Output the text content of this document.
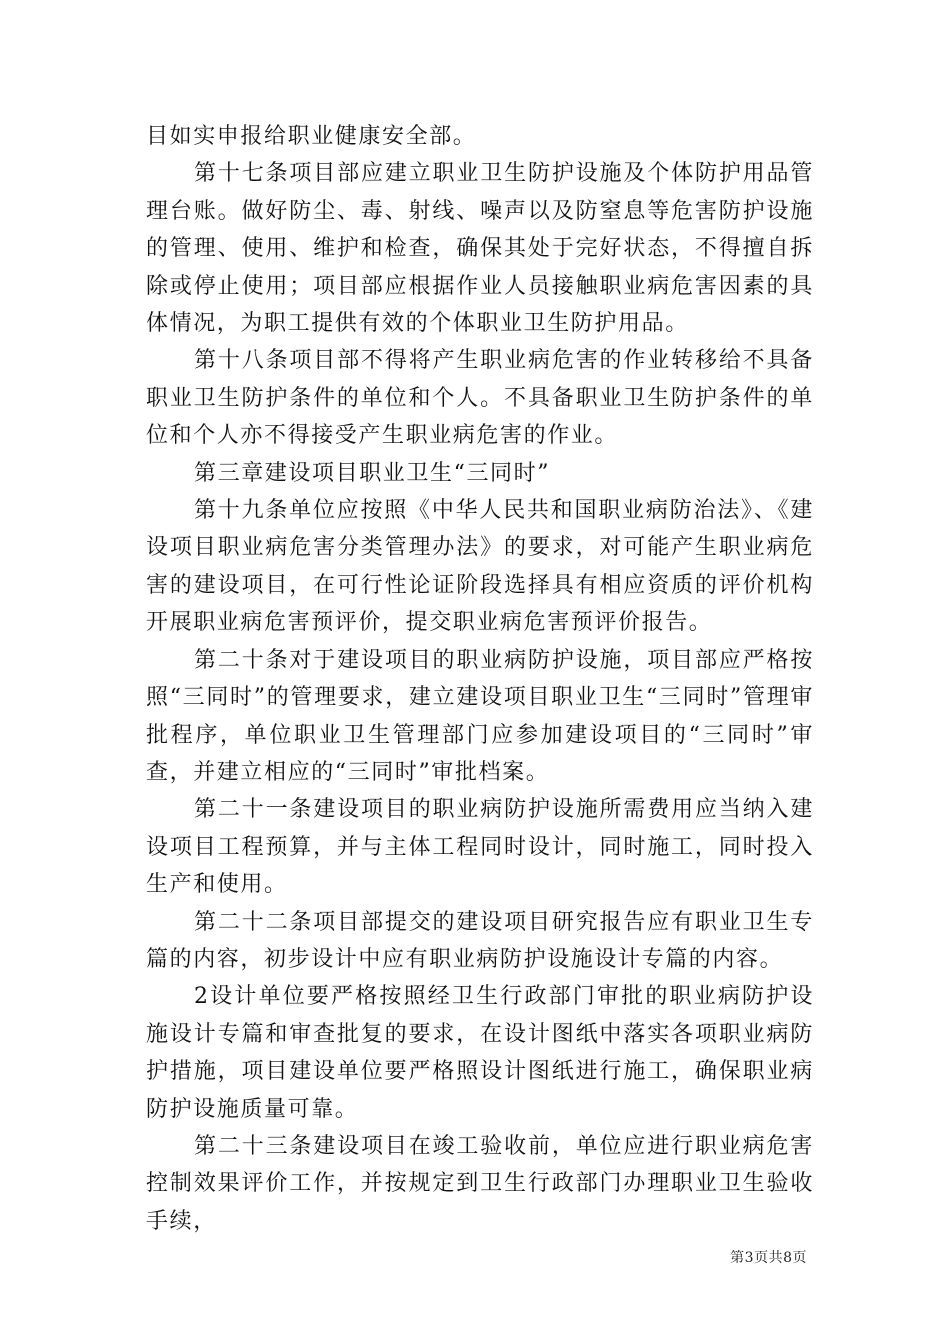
目如实申报给职业健康安全部。

第十七条项目部应建立职业卫生防护设施及个体防护用品管理台账。做好防尘、毒、射线、噪声以及防窒息等危害防护设施的管理、使用、维护和检查，确保其处于完好状态，不得擅自拆除或停止使用；项目部应根据作业人员接触职业病危害因素的具体情况，为职工提供有效的个体职业卫生防护用品。

第十八条项目部不得将产生职业病危害的作业转移给不具备职业卫生防护条件的单位和个人。不具备职业卫生防护条件的单位和个人亦不得接受产生职业病危害的作业。

第三章建设项目职业卫生“三同时”

第十九条单位应按照《中华人民共和国职业病防治法》、《建设项目职业病危害分类管理办法》的要求，对可能产生职业病危害的建设项目，在可行性论证阶段选择具有相应资质的评价机构开展职业病危害预评价，提交职业病危害预评价报告。

第二十条对于建设项目的职业病防护设施，项目部应严格按照“三同时”的管理要求，建立建设项目职业卫生“三同时”管理审批程序，单位职业卫生管理部门应参加建设项目的“三同时”审查，并建立相应的“三同时”审批档案。

第二十一条建设项目的职业病防护设施所需费用应当纳入建设项目工程预算，并与主体工程同时设计，同时施工，同时投入生产和使用。

第二十二条项目部提交的建设项目研究报告应有职业卫生专篇的内容，初步设计中应有职业病防护设施设计专篇的内容。

2设计单位要严格按照经卫生行政部门审批的职业病防护设施设计专篇和审查批复的要求，在设计图纸中落实各项职业病防护措施，项目建设单位要严格照设计图纸进行施工，确保职业病防护设施质量可靠。

第二十三条建设项目在竣工验收前，单位应进行职业病危害控制效果评价工作，并按规定到卫生行政部门办理职业卫生验收手续，

第3页共8页
